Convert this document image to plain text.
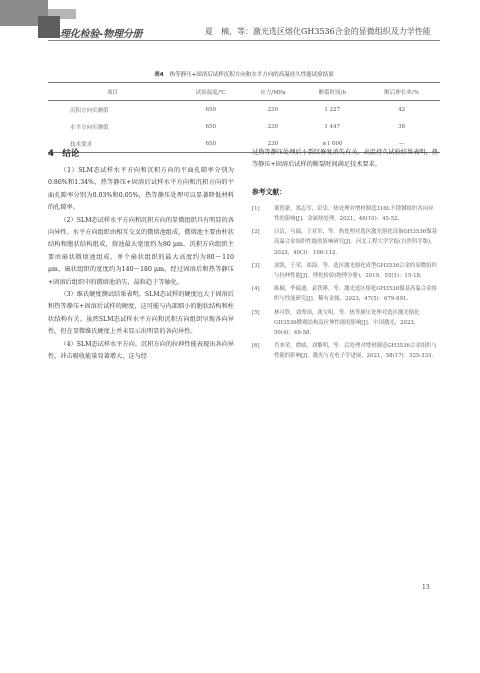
理化检验-物理分册	夏　楠，等：激光选区熔化GH3536合金的显微组织及力学性能
表4 热等静压+固溶后试样沉积方向和水平方向的高温持久性能试验结果
项目	试验温度/℃	应力/MPa	断裂时间/h	断后伸长率/%
沉积方向实测值	650	230	1 227	42
水平方向实测值	650	230	1 447	38
技术要求	650	230	≥1 000	—
4　结论

（1）SLM态试样水平方向和沉积方向的平面孔隙率分别为0.86%和1.34%，热等静压+固溶后试样水平方向和沉积方向的平面孔隙率分别为0.03%和0.05%，热等静压处理可以显著降低材料的孔隙率。

（2）SLM态试样水平方向和沉积方向的显微组织具有明显的各向异性。水平方向组织由相互交叉的微熔池组成，微熔池主要由柱状结构和胞状结构组成，熔池最大宽度约为80 μm。沉积方向组织主要由扇状微熔池组成，单个扇状组织的最大高度约为80～110 μm，扇状组织的宽度约为140～180 μm。经过固溶后和热等静压+固溶后组织中的微熔池消失，晶粒趋于等轴化。

（3）维氏硬度测试结果表明，SLM态试样的硬度远大于固溶后和热等静压+固溶后试样的硬度，这可能与内部细小的胞状结构和柱状结构有关。虽然SLM态试样水平方向和沉积方向组织呈现各向异性，但在显微维氏硬度上并未显示出明显的各向异性。

（4）SLM态试样水平方向、沉积方向的拉伸性能表现出各向异性，冲击吸收能量显著增大，这与经

过热等静压处理后小裂纹修复消失有关。高温持久试验结果表明，热等静压+固溶后试样的断裂时间满足技术要求。

参考文献：
[1]	董智豪，郑志军，彭乐．热处理对增材制造316L不锈钢组织各向异性的影响[J]．金属热处理，2021，46(10)：45-52.
[2]	白洁，马瑞，王亚军，等．热处理对选区激光熔化设备GH3536镍基高温合金组织性能的影响研究[J]．河北工程大学学报(自然科学版)，2023，40(3)：106-112.
[3]	刘凯，王荣，祁海，等．选区激光熔化成型GH3536合金的显微组织与拉伸性能[J]．理化检验(物理分册)，2019，55(1)：15-18.
[4]	陈楠，李瑞迪，袁铁锤，等．激光选区熔化GH3536镍基高温合金组织与性能研究[J]．稀有金属，2023，47(5)：679-691.
[5]	林可欣，刘秀国，龚宝明，等．热等静压处理对选区激光熔化GH3536微观结构及拉伸性能的影响[J]．中国激光，2023，50(4)：49-58.
[6]	肖来荣，谭威，刘黎明，等．后处理对增材制造GH3536合金组织与性能的影响[J]．激光与光电子学进展，2021，58(17)：325-333.
13
